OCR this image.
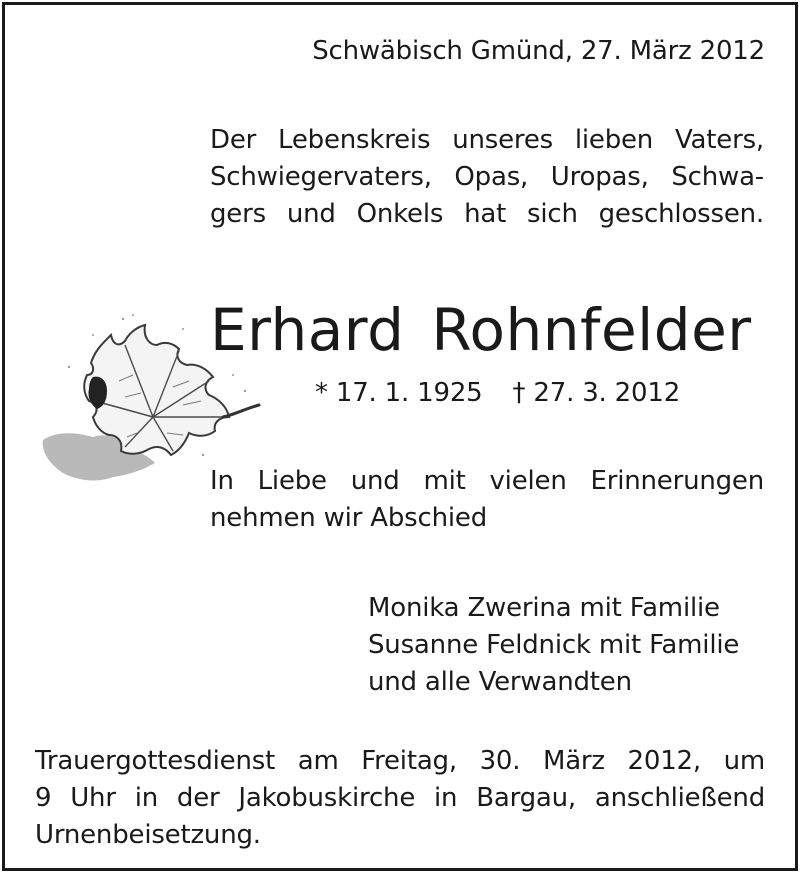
Schwäbisch Gmünd, 27. März 2012
Der Lebenskreis unseres lieben Vaters,
Schwiegervaters, Opas, Uropas, Schwa-
gers und Onkels hat sich geschlossen.
Erhard Rohnfelder
* 17. 1. 1925 † 27. 3. 2012
In Liebe und mit vielen Erinnerungen
nehmen wir Abschied
Monika Zwerina mit Familie
Susanne Feldnick mit Familie
und alle Verwandten
Trauergottesdienst am Freitag, 30. März 2012, um
9 Uhr in der Jakobuskirche in Bargau, anschließend
Urnenbeisetzung.
